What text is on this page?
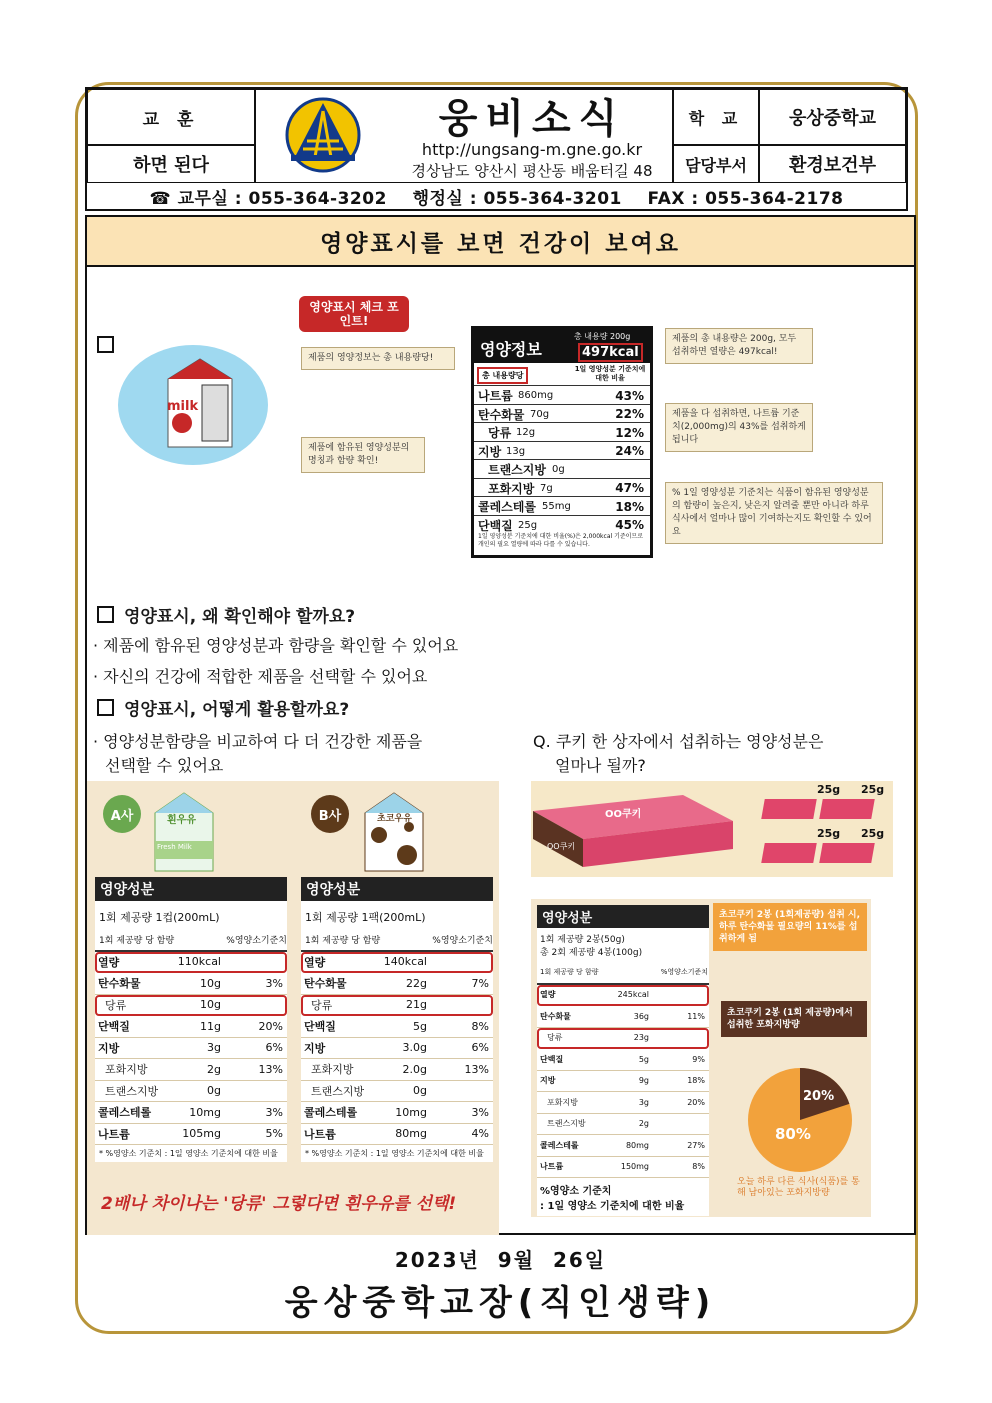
교 훈
하면 된다
웅비소식
http://ungsang-m.gne.go.kr
경상남도 양산시 평산동 배움터길 48
학 교	웅상중학교
담당부서	환경보건부
☎ 교무실 : 055-364-3202    행정실 : 055-364-3201    FAX : 055-364-2178
영양표시를 보면 건강이 보여요
milk
영양표시 체크 포인트!
제품의 영양정보는 총 내용량당!
제품에 함유된 영양성분의 명칭과 함량 확인!
영양정보
총 내용량 200g
497kcal
총 내용량당
1일 영양성분 기준치에 대한 비율
나트륨 860mg	43%
탄수화물 70g	22%
당류 12g	12%
지방 13g	24%
트랜스지방 0g
포화지방 7g	47%
콜레스테롤 55mg	18%
단백질 25g	45%
1일 영양성분 기준치에 대한 비율(%)은 2,000kcal 기준이므로 개인의 필요 열량에 따라 다를 수 있습니다.
제품의 총 내용량은 200g, 모두 섭취하면 열량은 497kcal!
제품을 다 섭취하면, 나트륨 기준치(2,000mg)의 43%를 섭취하게 됩니다
% 1일 영양성분 기준치는 식품이 함유된 영양성분의 함량이 높은지, 낮은지 알려줄 뿐만 아니라 하루 식사에서 얼마나 많이 기여하는지도 확인할 수 있어요
영양표시, 왜 확인해야 할까요?
· 제품에 함유된 영양성분과 함량을 확인할 수 있어요
· 자신의 건강에 적합한 제품을 선택할 수 있어요
영양표시, 어떻게 활용할까요?
· 영양성분함량을 비교하여 다 더 건강한 제품을
선택할 수 있어요
Q. 쿠키 한 상자에서 섭취하는 영양성분은
얼마나 될까?
A사	흰우유
Fresh Milk
B사	초코우유
영양성분
1회 제공량 1컵(200mL)
1회 제공량 당 함량	%영양소기준치
열량	110kcal
탄수화물	10g	3%
당류	10g
단백질	11g	20%
지방	3g	6%
포화지방	2g	13%
트랜스지방	0g
콜레스테롤	10mg	3%
나트륨	105mg	5%
* %영양소 기준치 : 1일 영양소 기준치에 대한 비율
영양성분
1회 제공량 1팩(200mL)
1회 제공량 당 함량	%영양소기준치
열량	140kcal
탄수화물	22g	7%
당류	21g
단백질	5g	8%
지방	3.0g	6%
포화지방	2.0g	13%
트랜스지방	0g
콜레스테롤	10mg	3%
나트륨	80mg	4%
* %영양소 기준치 : 1일 영양소 기준치에 대한 비율
2배나 차이나는 '당류' 그렇다면 흰우유를 선택!
OO쿠키
OO쿠키
25g 25g
25g 25g
영양성분
1회 제공량 2봉(50g)
총 2회 제공량 4봉(100g)
1회 제공량 당 함량	%영양소기준치
열량	245kcal
탄수화물	36g	11%
당류	23g
단백질	5g	9%
지방	9g	18%
포화지방	3g	20%
트랜스지방	2g
콜레스테롤	80mg	27%
나트륨	150mg	8%
%영양소 기준치
: 1일 영양소 기준치에 대한 비율
초코쿠키 2봉 (1회제공량) 섭취 시, 하루 탄수화물 필요량의 11%를 섭취하게 됨
초코쿠키 2봉 (1회 제공량)에서 섭취한 포화지방량
20%
80%
오늘 하루 다른 식사(식품)를 통해 남아있는 포화지방량
2023년  9월  26일
웅상중학교장(직인생략)
